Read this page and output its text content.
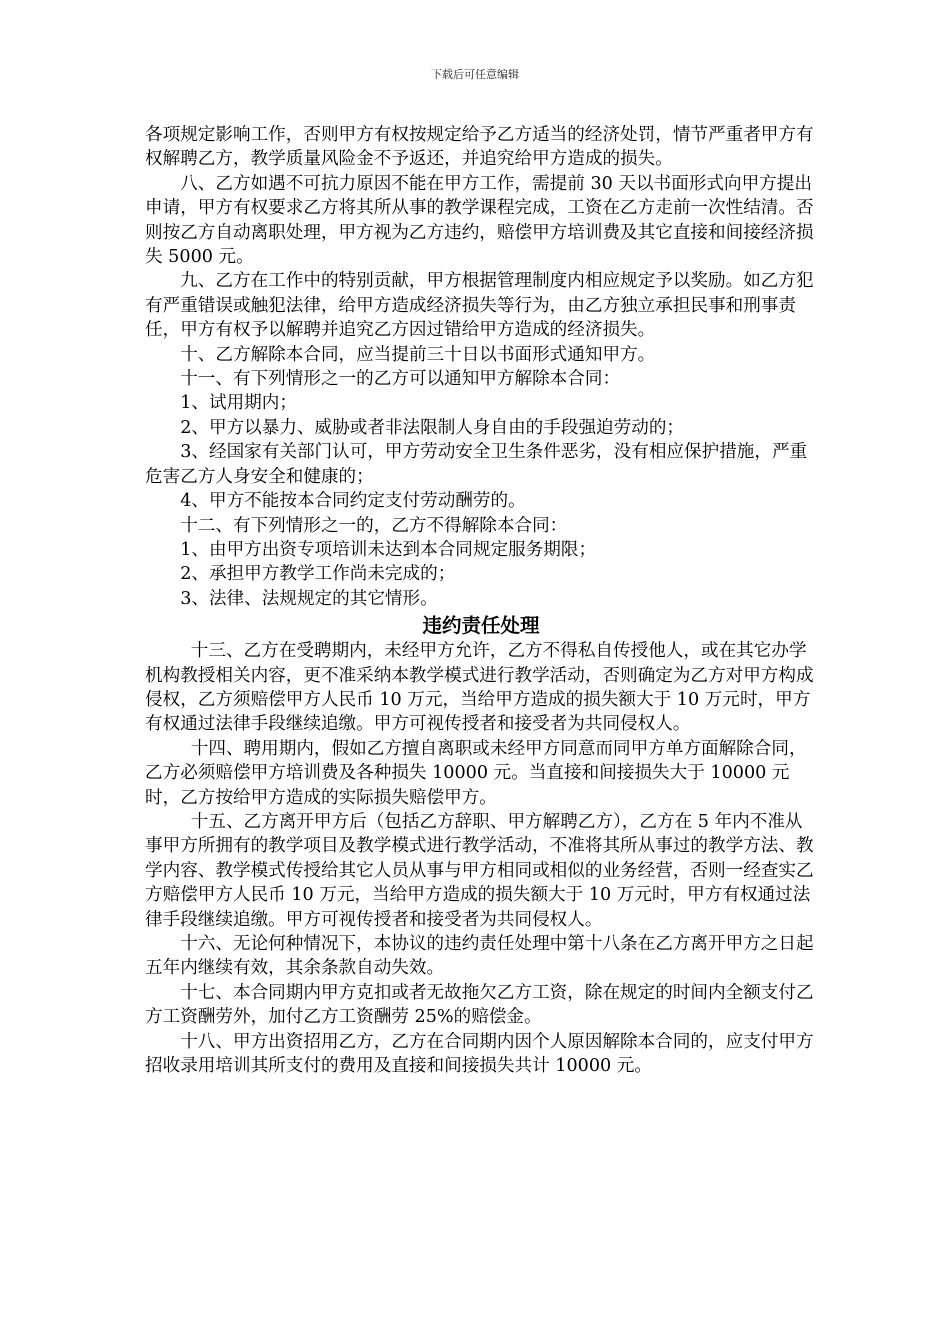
下载后可任意编辑

各项规定影响工作，否则甲方有权按规定给予乙方适当的经济处罚，情节严重者甲方有权解聘乙方，教学质量风险金不予返还，并追究给甲方造成的损失。

八、乙方如遇不可抗力原因不能在甲方工作，需提前 30 天以书面形式向甲方提出申请，甲方有权要求乙方将其所从事的教学课程完成，工资在乙方走前一次性结清。否则按乙方自动离职处理，甲方视为乙方违约，赔偿甲方培训费及其它直接和间接经济损失 5000 元。

九、乙方在工作中的特别贡献，甲方根据管理制度内相应规定予以奖励。如乙方犯有严重错误或触犯法律，给甲方造成经济损失等行为，由乙方独立承担民事和刑事责任，甲方有权予以解聘并追究乙方因过错给甲方造成的经济损失。

十、乙方解除本合同，应当提前三十日以书面形式通知甲方。

十一、有下列情形之一的乙方可以通知甲方解除本合同：

1、试用期内；

2、甲方以暴力、威胁或者非法限制人身自由的手段强迫劳动的；

3、经国家有关部门认可，甲方劳动安全卫生条件恶劣，没有相应保护措施，严重危害乙方人身安全和健康的；

4、甲方不能按本合同约定支付劳动酬劳的。

十二、有下列情形之一的，乙方不得解除本合同：

1、由甲方出资专项培训未达到本合同规定服务期限；

2、承担甲方教学工作尚未完成的；

3、法律、法规规定的其它情形。

违约责任处理

十三、乙方在受聘期内，未经甲方允许，乙方不得私自传授他人，或在其它办学机构教授相关内容，更不准采纳本教学模式进行教学活动，否则确定为乙方对甲方构成侵权，乙方须赔偿甲方人民币 10 万元，当给甲方造成的损失额大于 10 万元时，甲方有权通过法律手段继续追缴。甲方可视传授者和接受者为共同侵权人。

十四、聘用期内，假如乙方擅自离职或未经甲方同意而同甲方单方面解除合同，乙方必须赔偿甲方培训费及各种损失 10000 元。当直接和间接损失大于 10000 元时，乙方按给甲方造成的实际损失赔偿甲方。

十五、乙方离开甲方后（包括乙方辞职、甲方解聘乙方），乙方在 5 年内不准从事甲方所拥有的教学项目及教学模式进行教学活动，不准将其所从事过的教学方法、教学内容、教学模式传授给其它人员从事与甲方相同或相似的业务经营，否则一经查实乙方赔偿甲方人民币 10 万元，当给甲方造成的损失额大于 10 万元时，甲方有权通过法律手段继续追缴。甲方可视传授者和接受者为共同侵权人。

十六、无论何种情况下，本协议的违约责任处理中第十八条在乙方离开甲方之日起五年内继续有效，其余条款自动失效。

十七、本合同期内甲方克扣或者无故拖欠乙方工资，除在规定的时间内全额支付乙方工资酬劳外，加付乙方工资酬劳 25%的赔偿金。

十八、甲方出资招用乙方，乙方在合同期内因个人原因解除本合同的，应支付甲方招收录用培训其所支付的费用及直接和间接损失共计 10000 元。
